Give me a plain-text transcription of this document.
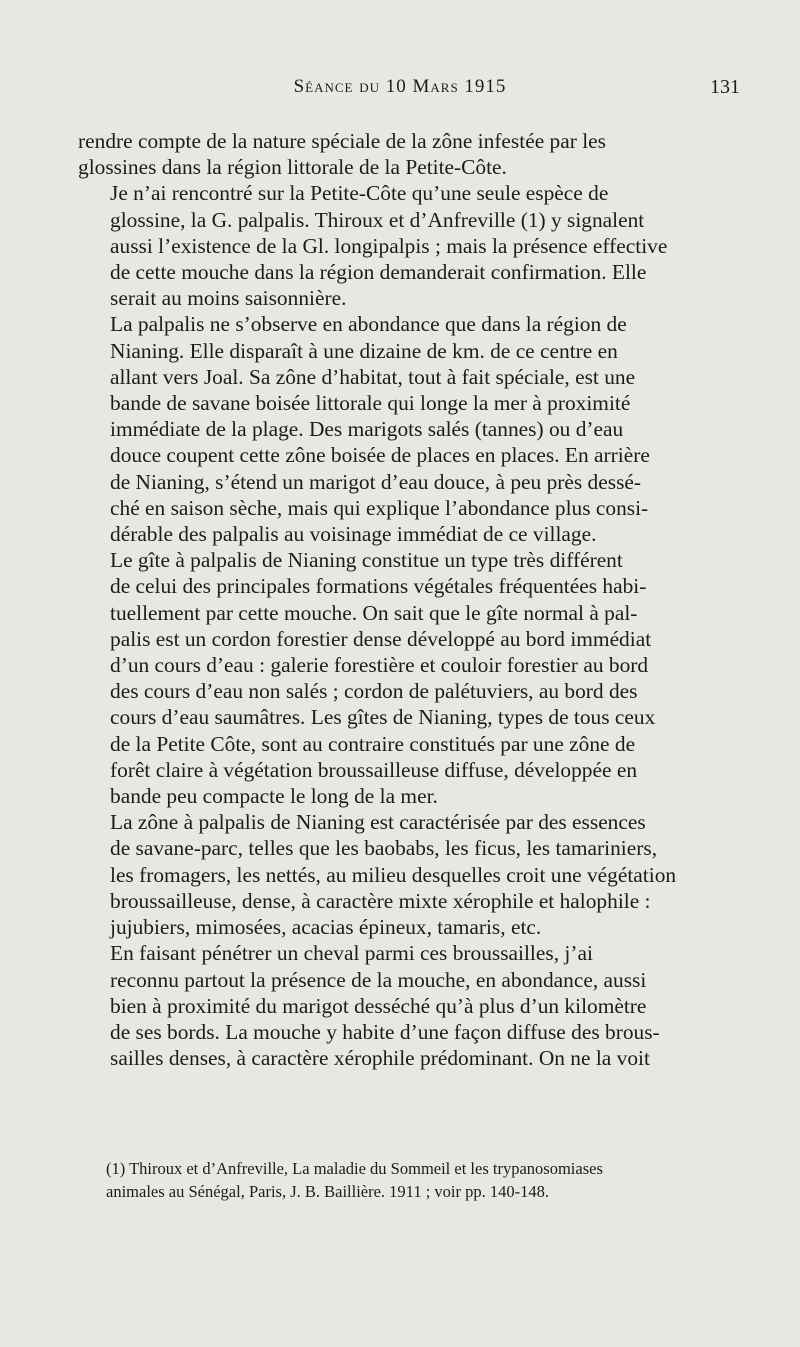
Séance du 10 Mars 1915	131

rendre compte de la nature spéciale de la zône infestée par les
glossines dans la région littorale de la Petite-Côte.

Je n’ai rencontré sur la Petite-Côte qu’une seule espèce de
glossine, la G. palpalis. Thiroux et d’Anfreville (1) y signalent
aussi l’existence de la Gl. longipalpis ; mais la présence effective
de cette mouche dans la région demanderait confirmation. Elle
serait au moins saisonnière.

La palpalis ne s’observe en abondance que dans la région de
Nianing. Elle disparaît à une dizaine de km. de ce centre en
allant vers Joal. Sa zône d’habitat, tout à fait spéciale, est une
bande de savane boisée littorale qui longe la mer à proximité
immédiate de la plage. Des marigots salés (tannes) ou d’eau
douce coupent cette zône boisée de places en places. En arrière
de Nianing, s’étend un marigot d’eau douce, à peu près dessé-
ché en saison sèche, mais qui explique l’abondance plus consi-
dérable des palpalis au voisinage immédiat de ce village.

Le gîte à palpalis de Nianing constitue un type très différent
de celui des principales formations végétales fréquentées habi-
tuellement par cette mouche. On sait que le gîte normal à pal-
palis est un cordon forestier dense développé au bord immédiat
d’un cours d’eau : galerie forestière et couloir forestier au bord
des cours d’eau non salés ; cordon de palétuviers, au bord des
cours d’eau saumâtres. Les gîtes de Nianing, types de tous ceux
de la Petite Côte, sont au contraire constitués par une zône de
forêt claire à végétation broussailleuse diffuse, développée en
bande peu compacte le long de la mer.

La zône à palpalis de Nianing est caractérisée par des essences
de savane-parc, telles que les baobabs, les ficus, les tamariniers,
les fromagers, les nettés, au milieu desquelles croit une végétation
broussailleuse, dense, à caractère mixte xérophile et halophile :
jujubiers, mimosées, acacias épineux, tamaris, etc.

En faisant pénétrer un cheval parmi ces broussailles, j’ai
reconnu partout la présence de la mouche, en abondance, aussi
bien à proximité du marigot desséché qu’à plus d’un kilomètre
de ses bords. La mouche y habite d’une façon diffuse des brous-
sailles denses, à caractère xérophile prédominant. On ne la voit

(1) Thiroux et d’Anfreville, La maladie du Sommeil et les trypanosomiases
animales au Sénégal, Paris, J. B. Baillière. 1911 ; voir pp. 140-148.
